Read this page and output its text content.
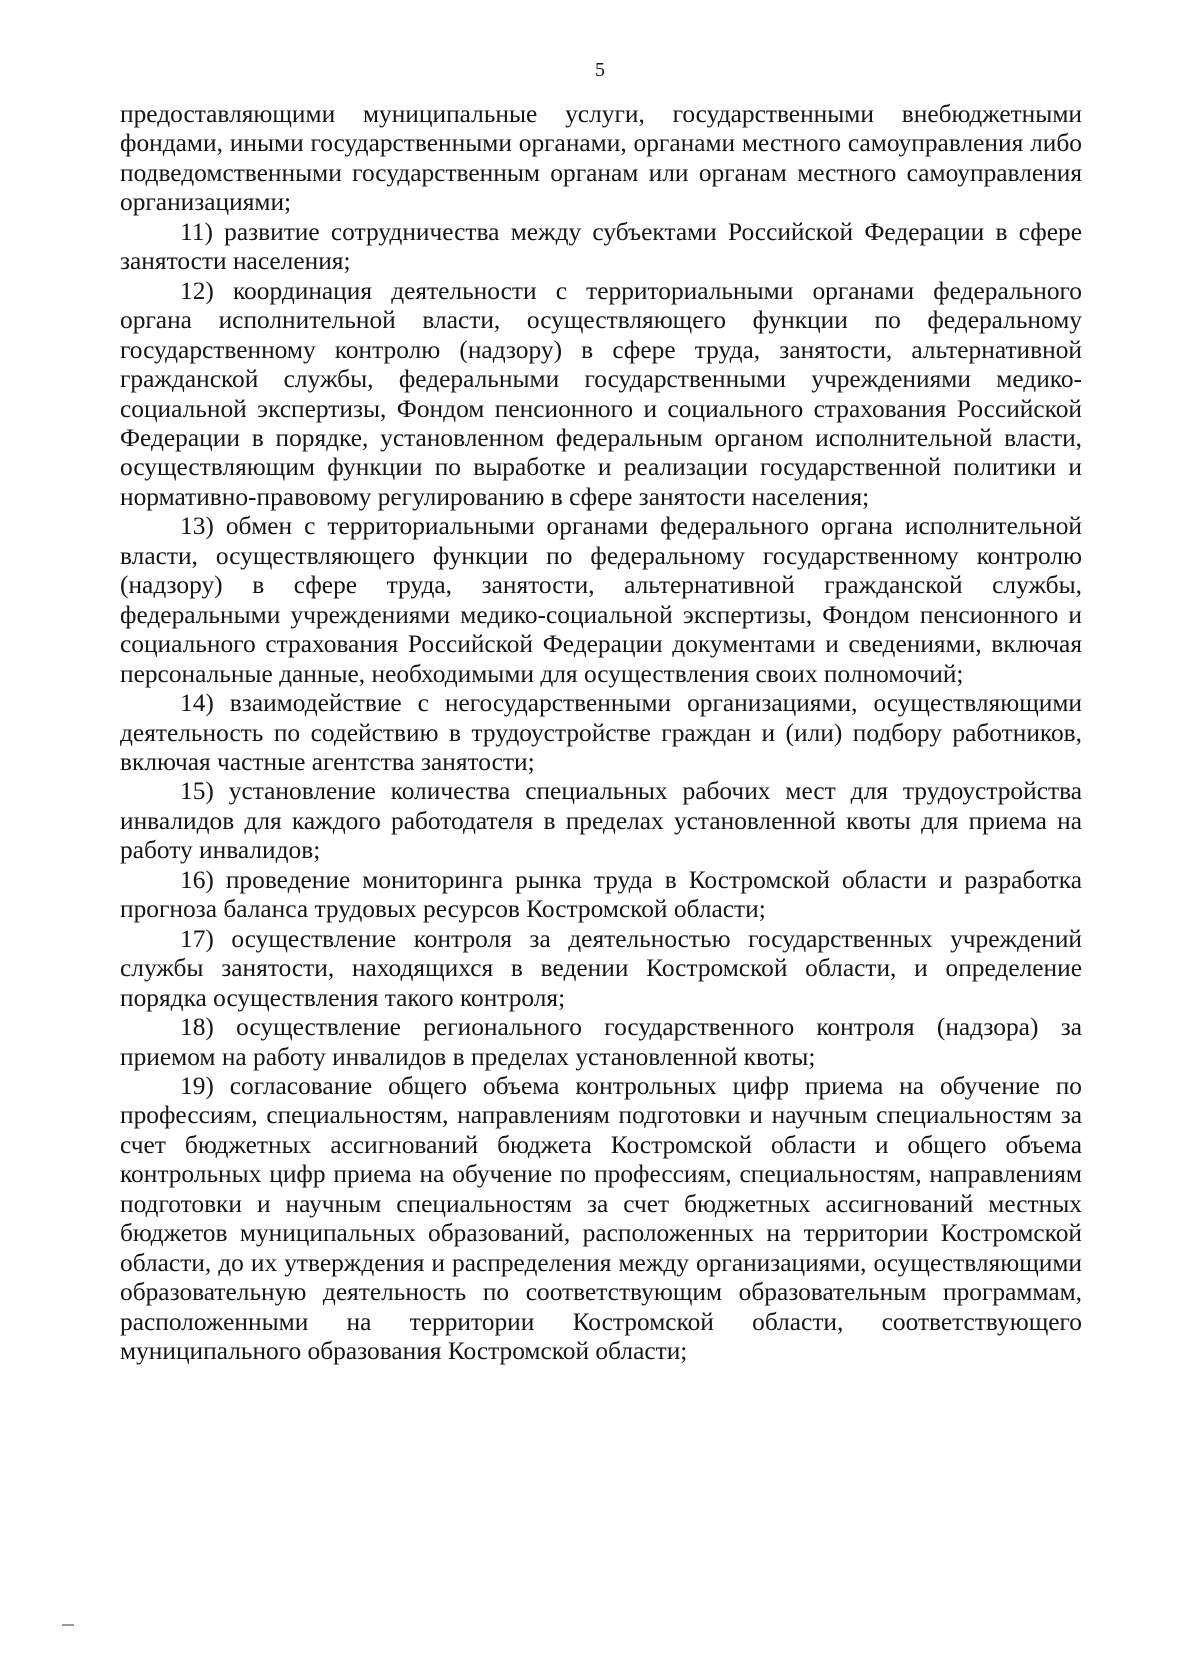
5

предоставляющими муниципальные услуги, государственными внебюджетными фондами, иными государственными органами, органами местного самоуправления либо подведомственными государственным органам или органам местного самоуправления организациями;

11) развитие сотрудничества между субъектами Российской Федерации в сфере занятости населения;

12) координация деятельности с территориальными органами федерального органа исполнительной власти, осуществляющего функции по федеральному государственному контролю (надзору) в сфере труда, занятости, альтернативной гражданской службы, федеральными государственными учреждениями медико-социальной экспертизы, Фондом пенсионного и социального страхования Российской Федерации в порядке, установленном федеральным органом исполнительной власти, осуществляющим функции по выработке и реализации государственной политики и нормативно-правовому регулированию в сфере занятости населения;

13) обмен с территориальными органами федерального органа исполнительной власти, осуществляющего функции по федеральному государственному контролю (надзору) в сфере труда, занятости, альтернативной гражданской службы, федеральными учреждениями медико-социальной экспертизы, Фондом пенсионного и социального страхования Российской Федерации документами и сведениями, включая персональные данные, необходимыми для осуществления своих полномочий;

14) взаимодействие с негосударственными организациями, осуществляющими деятельность по содействию в трудоустройстве граждан и (или) подбору работников, включая частные агентства занятости;

15) установление количества специальных рабочих мест для трудоустройства инвалидов для каждого работодателя в пределах установленной квоты для приема на работу инвалидов;

16) проведение мониторинга рынка труда в Костромской области и разработка прогноза баланса трудовых ресурсов Костромской области;

17) осуществление контроля за деятельностью государственных учреждений службы занятости, находящихся в ведении Костромской области, и определение порядка осуществления такого контроля;

18) осуществление регионального государственного контроля (надзора) за приемом на работу инвалидов в пределах установленной квоты;

19) согласование общего объема контрольных цифр приема на обучение по профессиям, специальностям, направлениям подготовки и научным специальностям за счет бюджетных ассигнований бюджета Костромской области и общего объема контрольных цифр приема на обучение по профессиям, специальностям, направлениям подготовки и научным специальностям за счет бюджетных ассигнований местных бюджетов муниципальных образований, расположенных на территории Костромской области, до их утверждения и распределения между организациями, осуществляющими образовательную деятельность по соответствующим образовательным программам, расположенными на территории Костромской области, соответствующего муниципального образования Костромской области;
